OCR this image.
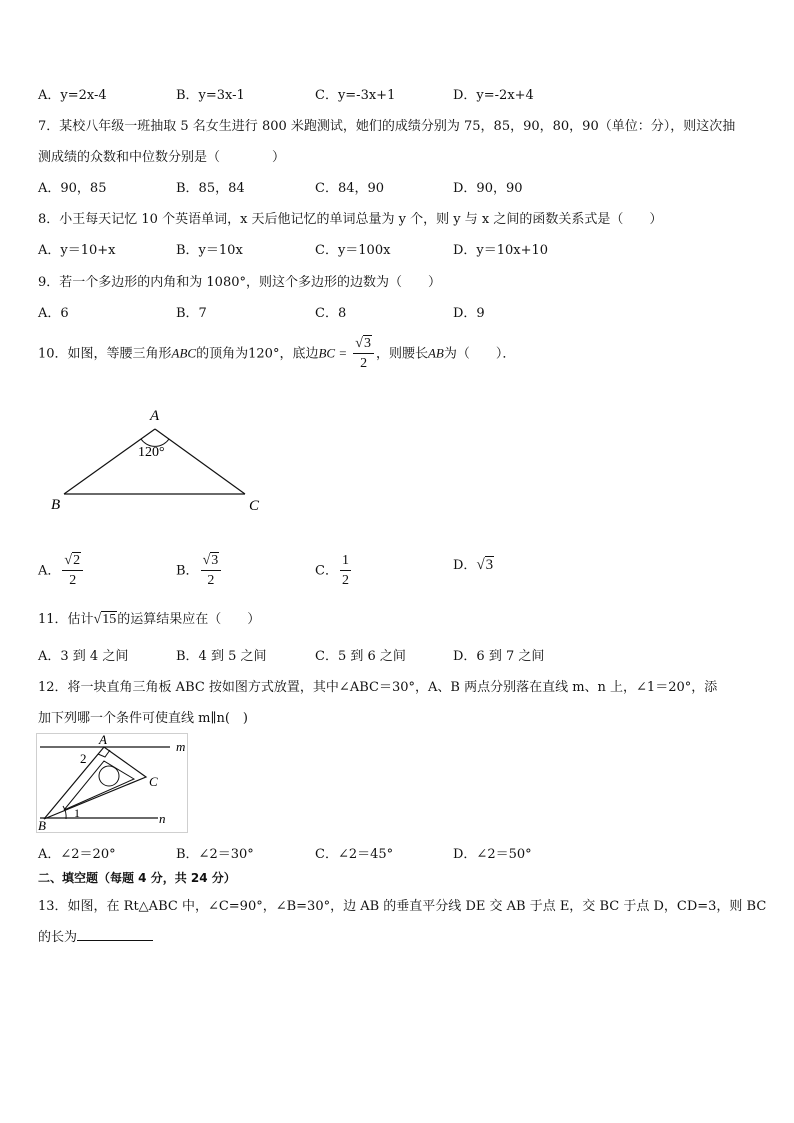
A．y=2x-4	B．y=3x-1	C．y=-3x+1	D．y=-2x+4
7．某校八年级一班抽取 5 名女生进行 800 米跑测试，她们的成绩分别为 75，85，90，80，90（单位：分），则这次抽
测成绩的众数和中位数分别是（　　　　）
A．90，85	B．85，84	C．84，90	D．90，90
8．小王每天记忆 10 个英语单词，x 天后他记忆的单词总量为 y 个，则 y 与 x 之间的函数关系式是（　　）
A．y＝10+x	B．y＝10x	C．y＝100x	D．y＝10x+10
9．若一个多边形的内角和为 1080°，则这个多边形的边数为（　　）
A．6	B．7	C．8	D．9
10．如图，等腰三角形ABC的顶角为120°，底边BC = $\frac{√3}{2}$ ，则腰长AB为（　　）．
A
120°
B	C
A． $\frac{√2}{2}$	B． $\frac{√3}{2}$	C． $\frac{1}{2}$	D．√3
11．估计√15的运算结果应在（　　）
A．3 到 4 之间	B．4 到 5 之间	C．5 到 6 之间	D．6 到 7 之间
12．将一块直角三角板 ABC 按如图方式放置，其中∠ABC＝30°，A、B 两点分别落在直线 m、n 上，∠1＝20°，添
加下列哪一个条件可使直线 m∥n(　)
A	m
2
C
1	n
B
A．∠2＝20°	B．∠2＝30°	C．∠2＝45°	D．∠2＝50°
二、填空题（每题 4 分，共 24 分）
13．如图，在 Rt△ABC 中，∠C=90°，∠B=30°，边 AB 的垂直平分线 DE 交 AB 于点 E，交 BC 于点 D，CD=3，则 BC
的长为
